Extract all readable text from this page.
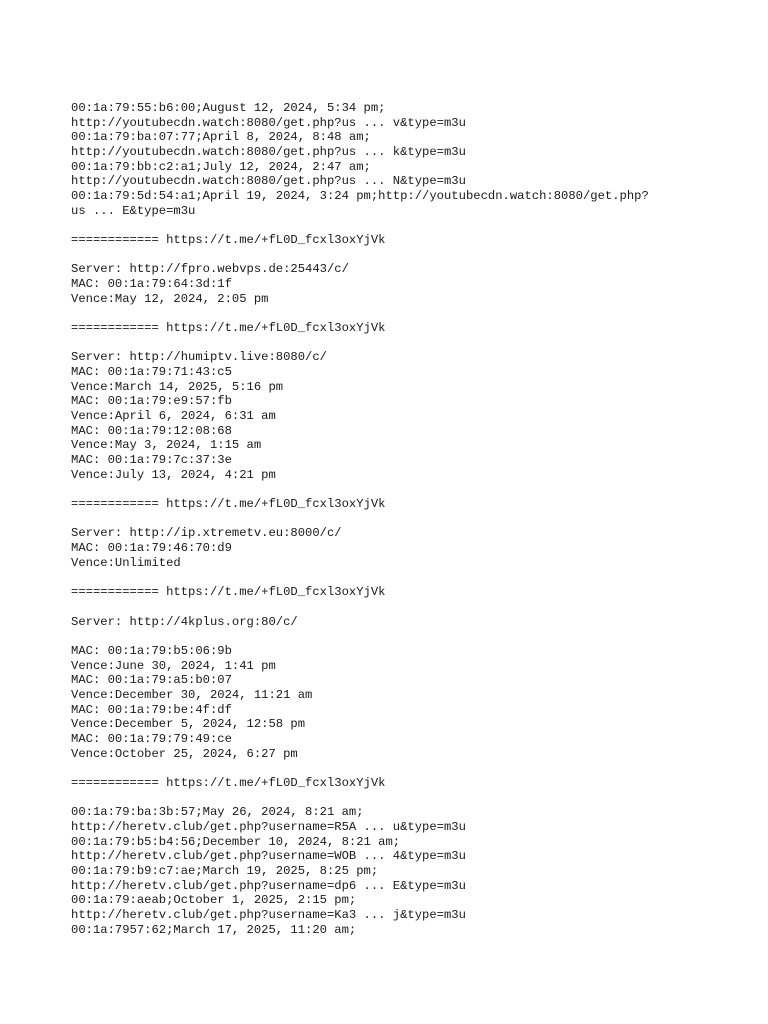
00:1a:79:55:b6:00;August 12, 2024, 5:34 pm;
http://youtubecdn.watch:8080/get.php?us ... v&type=m3u
00:1a:79:ba:07:77;April 8, 2024, 8:48 am;
http://youtubecdn.watch:8080/get.php?us ... k&type=m3u
00:1a:79:bb:c2:a1;July 12, 2024, 2:47 am;
http://youtubecdn.watch:8080/get.php?us ... N&type=m3u
00:1a:79:5d:54:a1;April 19, 2024, 3:24 pm;http://youtubecdn.watch:8080/get.php?
us ... E&type=m3u
============ https://t.me/+fL0D_fcxl3oxYjVk
Server: http://fpro.webvps.de:25443/c/
MAC: 00:1a:79:64:3d:1f
Vence:May 12, 2024, 2:05 pm
============ https://t.me/+fL0D_fcxl3oxYjVk
Server: http://humiptv.live:8080/c/
MAC: 00:1a:79:71:43:c5
Vence:March 14, 2025, 5:16 pm
MAC: 00:1a:79:e9:57:fb
Vence:April 6, 2024, 6:31 am
MAC: 00:1a:79:12:08:68
Vence:May 3, 2024, 1:15 am
MAC: 00:1a:79:7c:37:3e
Vence:July 13, 2024, 4:21 pm
============ https://t.me/+fL0D_fcxl3oxYjVk
Server: http://ip.xtremetv.eu:8000/c/
MAC: 00:1a:79:46:70:d9
Vence:Unlimited
============ https://t.me/+fL0D_fcxl3oxYjVk
Server: http://4kplus.org:80/c/
MAC: 00:1a:79:b5:06:9b
Vence:June 30, 2024, 1:41 pm
MAC: 00:1a:79:a5:b0:07
Vence:December 30, 2024, 11:21 am
MAC: 00:1a:79:be:4f:df
Vence:December 5, 2024, 12:58 pm
MAC: 00:1a:79:79:49:ce
Vence:October 25, 2024, 6:27 pm
============ https://t.me/+fL0D_fcxl3oxYjVk
00:1a:79:ba:3b:57;May 26, 2024, 8:21 am;
http://heretv.club/get.php?username=R5A ... u&type=m3u
00:1a:79:b5:b4:56;December 10, 2024, 8:21 am;
http://heretv.club/get.php?username=WOB ... 4&type=m3u
00:1a:79:b9:c7:ae;March 19, 2025, 8:25 pm;
http://heretv.club/get.php?username=dp6 ... E&type=m3u
00:1a:79:aeab;October 1, 2025, 2:15 pm;
http://heretv.club/get.php?username=Ka3 ... j&type=m3u
00:1a:7957:62;March 17, 2025, 11:20 am;
